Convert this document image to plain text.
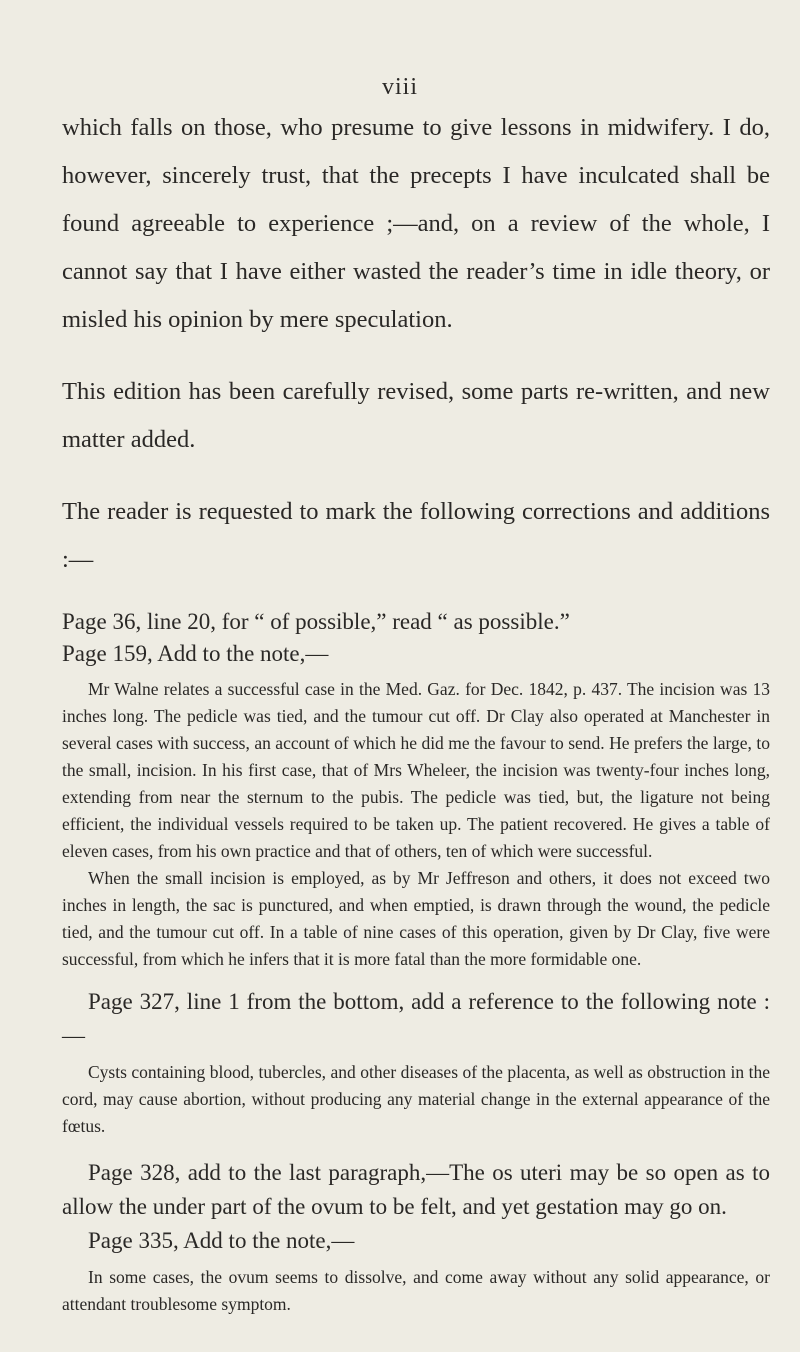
viii

which falls on those, who presume to give lessons in midwifery. I do, however, sincerely trust, that the precepts I have inculcated shall be found agreeable to experience ;—and, on a review of the whole, I cannot say that I have either wasted the reader’s time in idle theory, or misled his opinion by mere speculation.

This edition has been carefully revised, some parts re-written, and new matter added.

The reader is requested to mark the following corrections and additions :—

Page 36, line 20, for “ of possible,” read “ as possible.”

Page 159, Add to the note,—

Mr Walne relates a successful case in the Med. Gaz. for Dec. 1842, p. 437. The incision was 13 inches long. The pedicle was tied, and the tumour cut off. Dr Clay also operated at Manchester in several cases with success, an account of which he did me the favour to send. He prefers the large, to the small, incision. In his first case, that of Mrs Wheleer, the incision was twenty-four inches long, extending from near the sternum to the pubis. The pedicle was tied, but, the ligature not being efficient, the individual vessels required to be taken up. The patient recovered. He gives a table of eleven cases, from his own practice and that of others, ten of which were successful.

When the small incision is employed, as by Mr Jeffreson and others, it does not exceed two inches in length, the sac is punctured, and when emptied, is drawn through the wound, the pedicle tied, and the tumour cut off. In a table of nine cases of this operation, given by Dr Clay, five were successful, from which he infers that it is more fatal than the more formidable one.

Page 327, line 1 from the bottom, add a reference to the following note :—

Cysts containing blood, tubercles, and other diseases of the placenta, as well as obstruction in the cord, may cause abortion, without producing any material change in the external appearance of the fœtus.

Page 328, add to the last paragraph,—The os uteri may be so open as to allow the under part of the ovum to be felt, and yet gestation may go on.

Page 335, Add to the note,—

In some cases, the ovum seems to dissolve, and come away without any solid appearance, or attendant troublesome symptom.
